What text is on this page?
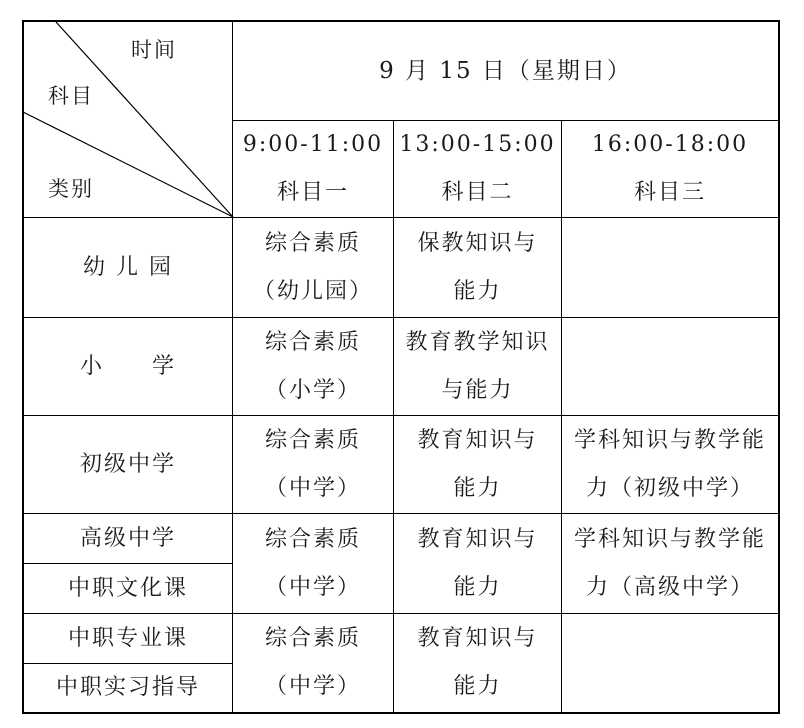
时间
科目
类别
9 月 15 日（星期日）
9:00-11:00
科目一
13:00-15:00
科目二
16:00-18:00
科目三
幼 儿 园
综合素质
（幼儿园）
保教知识与
能力
小　　学
综合素质
（小学）
教育教学知识
与能力
初级中学
综合素质
（中学）
教育知识与
能力
学科知识与教学能
力（初级中学）
高级中学
中职文化课
综合素质
（中学）
教育知识与
能力
学科知识与教学能
力（高级中学）
中职专业课
中职实习指导
综合素质
（中学）
教育知识与
能力
